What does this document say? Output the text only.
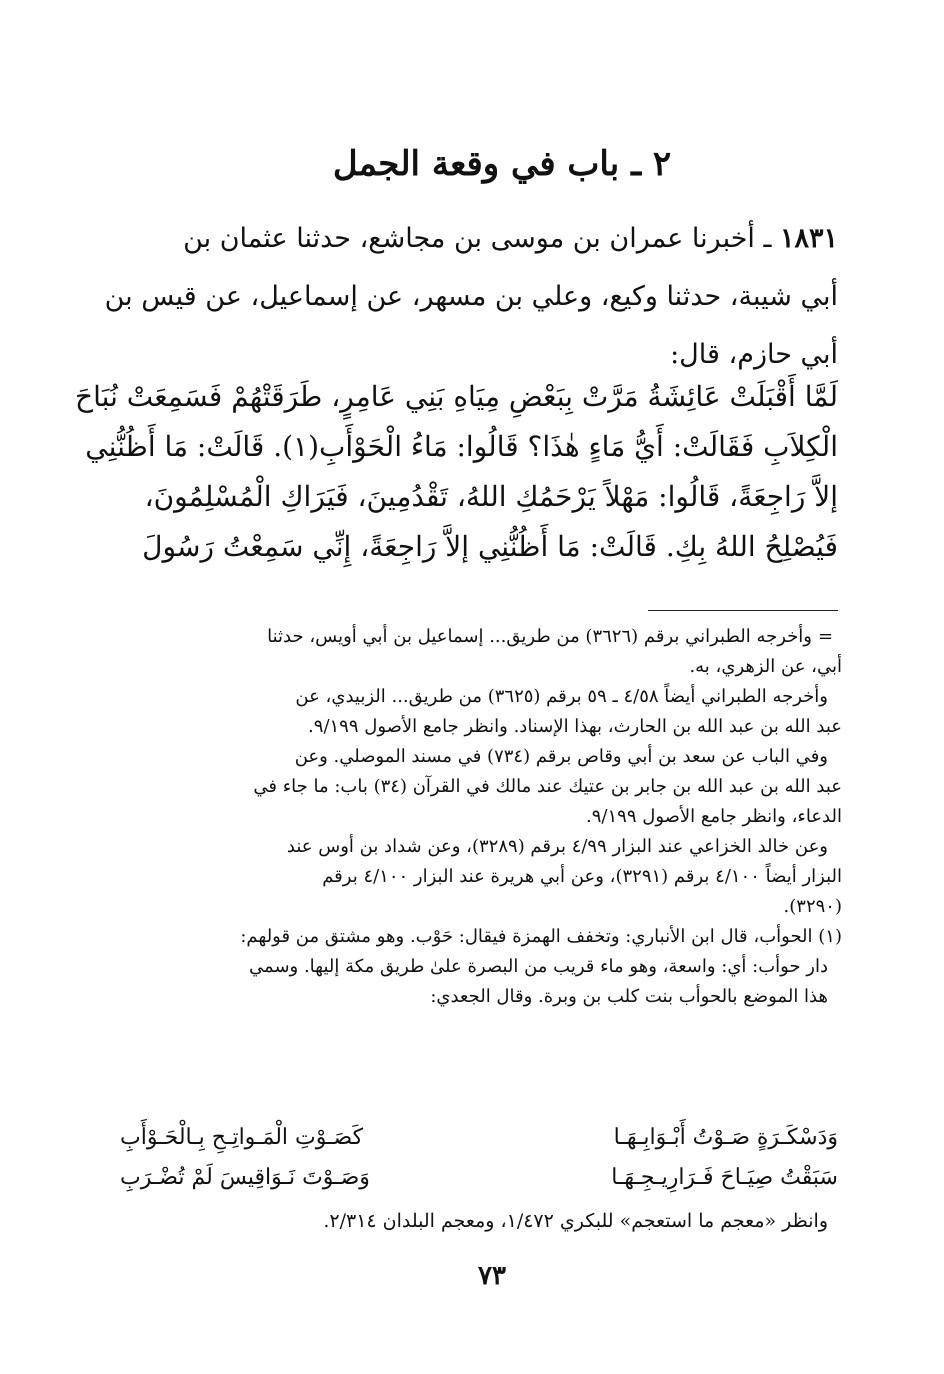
٢ ـ باب في وقعة الجمل
١٨٣١ ـ أخبرنا عمران بن موسى بن مجاشع، حدثنا عثمان بن
أبي شيبة، حدثنا وكيع، وعلي بن مسهر، عن إسماعيل، عن قيس بن
أبي حازم، قال:
لَمَّا أَقْبَلَتْ عَائِشَةُ مَرَّتْ بِبَعْضِ مِيَاهِ بَنِي عَامِرٍ، طَرَقَتْهُمْ فَسَمِعَتْ نُبَاحَ
الْكِلاَبِ فَقَالَتْ: أَيُّ مَاءٍ هٰذَا؟ قَالُوا: مَاءُ الْحَوْأَبِ(١). قَالَتْ: مَا أَظُنُّنِي
إلاَّ رَاجِعَةً، قَالُوا: مَهْلاً يَرْحَمُكِ اللهُ، تَقْدُمِينَ، فَيَرَاكِ الْمُسْلِمُونَ،
فَيُصْلِحُ اللهُ بِكِ. قَالَتْ: مَا أَظُنُّنِي إلاَّ رَاجِعَةً، إِنِّي سَمِعْتُ رَسُولَ
=
وأخرجه الطبراني برقم (٣٦٢٦) من طريق... إسماعيل بن أبي أويس، حدثنا
أبي، عن الزهري، به.
وأخرجه الطبراني أيضاً ٤/٥٨ ـ ٥٩ برقم (٣٦٢٥) من طريق... الزبيدي، عن
عبد الله بن عبد الله بن الحارث، بهذا الإسناد. وانظر جامع الأصول ٩/١٩٩.
وفي الباب عن سعد بن أبي وقاص برقم (٧٣٤) في مسند الموصلي. وعن
عبد الله بن عبد الله بن جابر بن عتيك عند مالك في القرآن (٣٤) باب: ما جاء في
الدعاء، وانظر جامع الأصول ٩/١٩٩.
وعن خالد الخزاعي عند البزار ٤/٩٩ برقم (٣٢٨٩)، وعن شداد بن أوس عند
البزار أيضاً ٤/١٠٠ برقم (٣٢٩١)، وعن أبي هريرة عند البزار ٤/١٠٠ برقم
(٣٢٩٠).
(١) الحوأب، قال ابن الأنباري: وتخفف الهمزة فيقال: حَوْب. وهو مشتق من قولهم:
دار حوأب: أي: واسعة، وهو ماء قريب من البصرة علىٰ طريق مكة إليها. وسمي
هذا الموضع بالحوأب بنت كلب بن وبرة. وقال الجعدي:
وَدَسْكَـرَةٍ صَـوْتُ أَبْـوَابِـهَـا
كَصَـوْتِ الْمَـواتِـحِ بِـالْحَـوْأَبِ
سَبَقْتُ صِيَـاحَ فَـرَارِيـجِـهَـا
وَصَـوْتَ نَـوَاقِيسَ لَمْ تُضْـرَبِ
وانظر «معجم ما استعجم» للبكري ١/٤٧٢، ومعجم البلدان ٢/٣١٤.
٧٣
